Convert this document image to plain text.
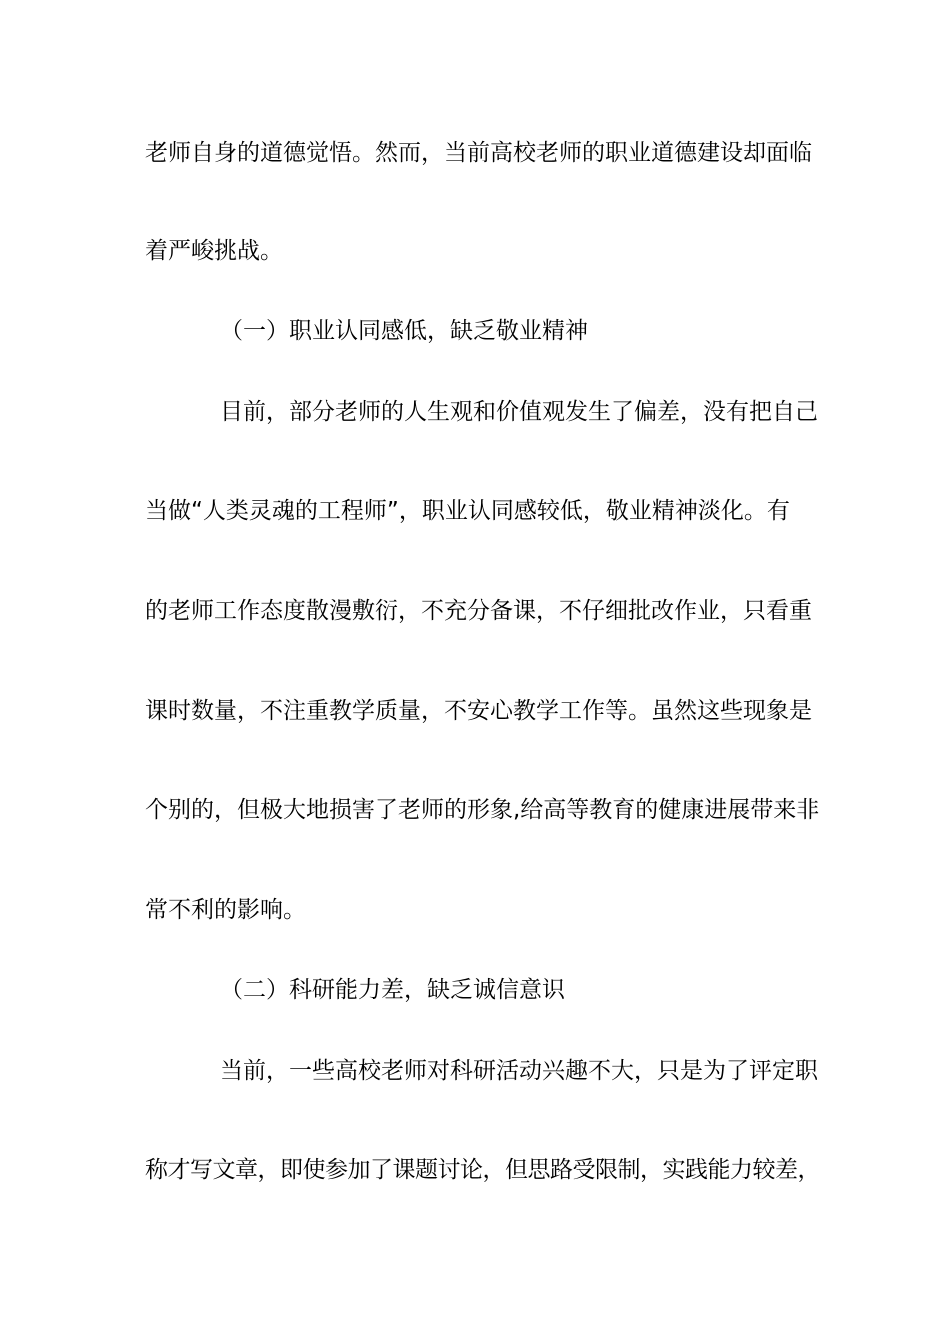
老师自身的道德觉悟。然而，当前高校老师的职业道德建设却面临
着严峻挑战。
（一）职业认同感低，缺乏敬业精神
目前，部分老师的人生观和价值观发生了偏差，没有把自己
当做“人类灵魂的工程师”，职业认同感较低，敬业精神淡化。有
的老师工作态度散漫敷衍，不充分备课，不仔细批改作业，只看重
课时数量，不注重教学质量，不安心教学工作等。虽然这些现象是
个别的，但极大地损害了老师的形象,给高等教育的健康进展带来非
常不利的影响。
（二）科研能力差，缺乏诚信意识
当前，一些高校老师对科研活动兴趣不大，只是为了评定职
称才写文章，即使参加了课题讨论，但思路受限制，实践能力较差，
